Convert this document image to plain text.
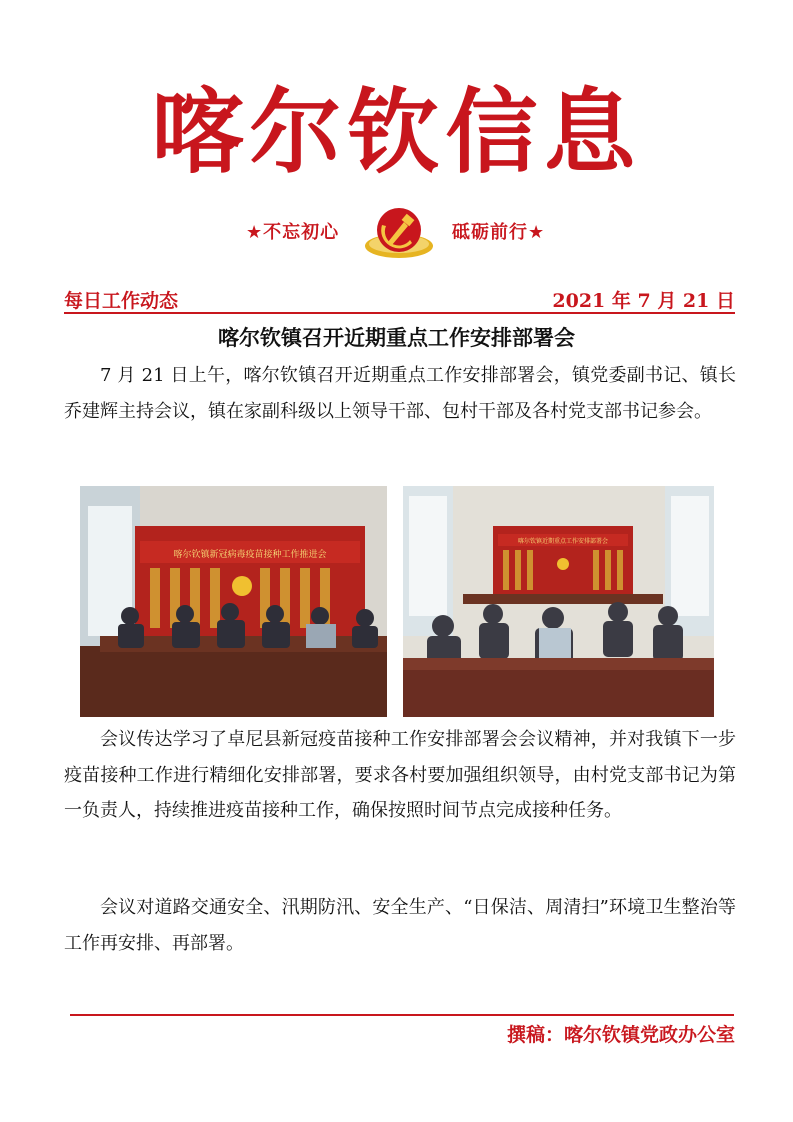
喀尔钦信息
★不忘初心	砥砺前行★
每日工作动态	2021 年 7 月 21 日
喀尔钦镇召开近期重点工作安排部署会

7 月 21 日上午，喀尔钦镇召开近期重点工作安排部署会，镇党委副书记、镇长乔建辉主持会议，镇在家副科级以上领导干部、包村干部及各村党支部书记参会。

喀尔钦镇新冠病毒疫苗接种工作推进会
喀尔钦镇近期重点工作安排部署会

会议传达学习了卓尼县新冠疫苗接种工作安排部署会会议精神，并对我镇下一步疫苗接种工作进行精细化安排部署，要求各村要加强组织领导，由村党支部书记为第一负责人，持续推进疫苗接种工作，确保按照时间节点完成接种任务。

会议对道路交通安全、汛期防汛、安全生产、“日保洁、周清扫”环境卫生整治等工作再安排、再部署。

撰稿：喀尔钦镇党政办公室
